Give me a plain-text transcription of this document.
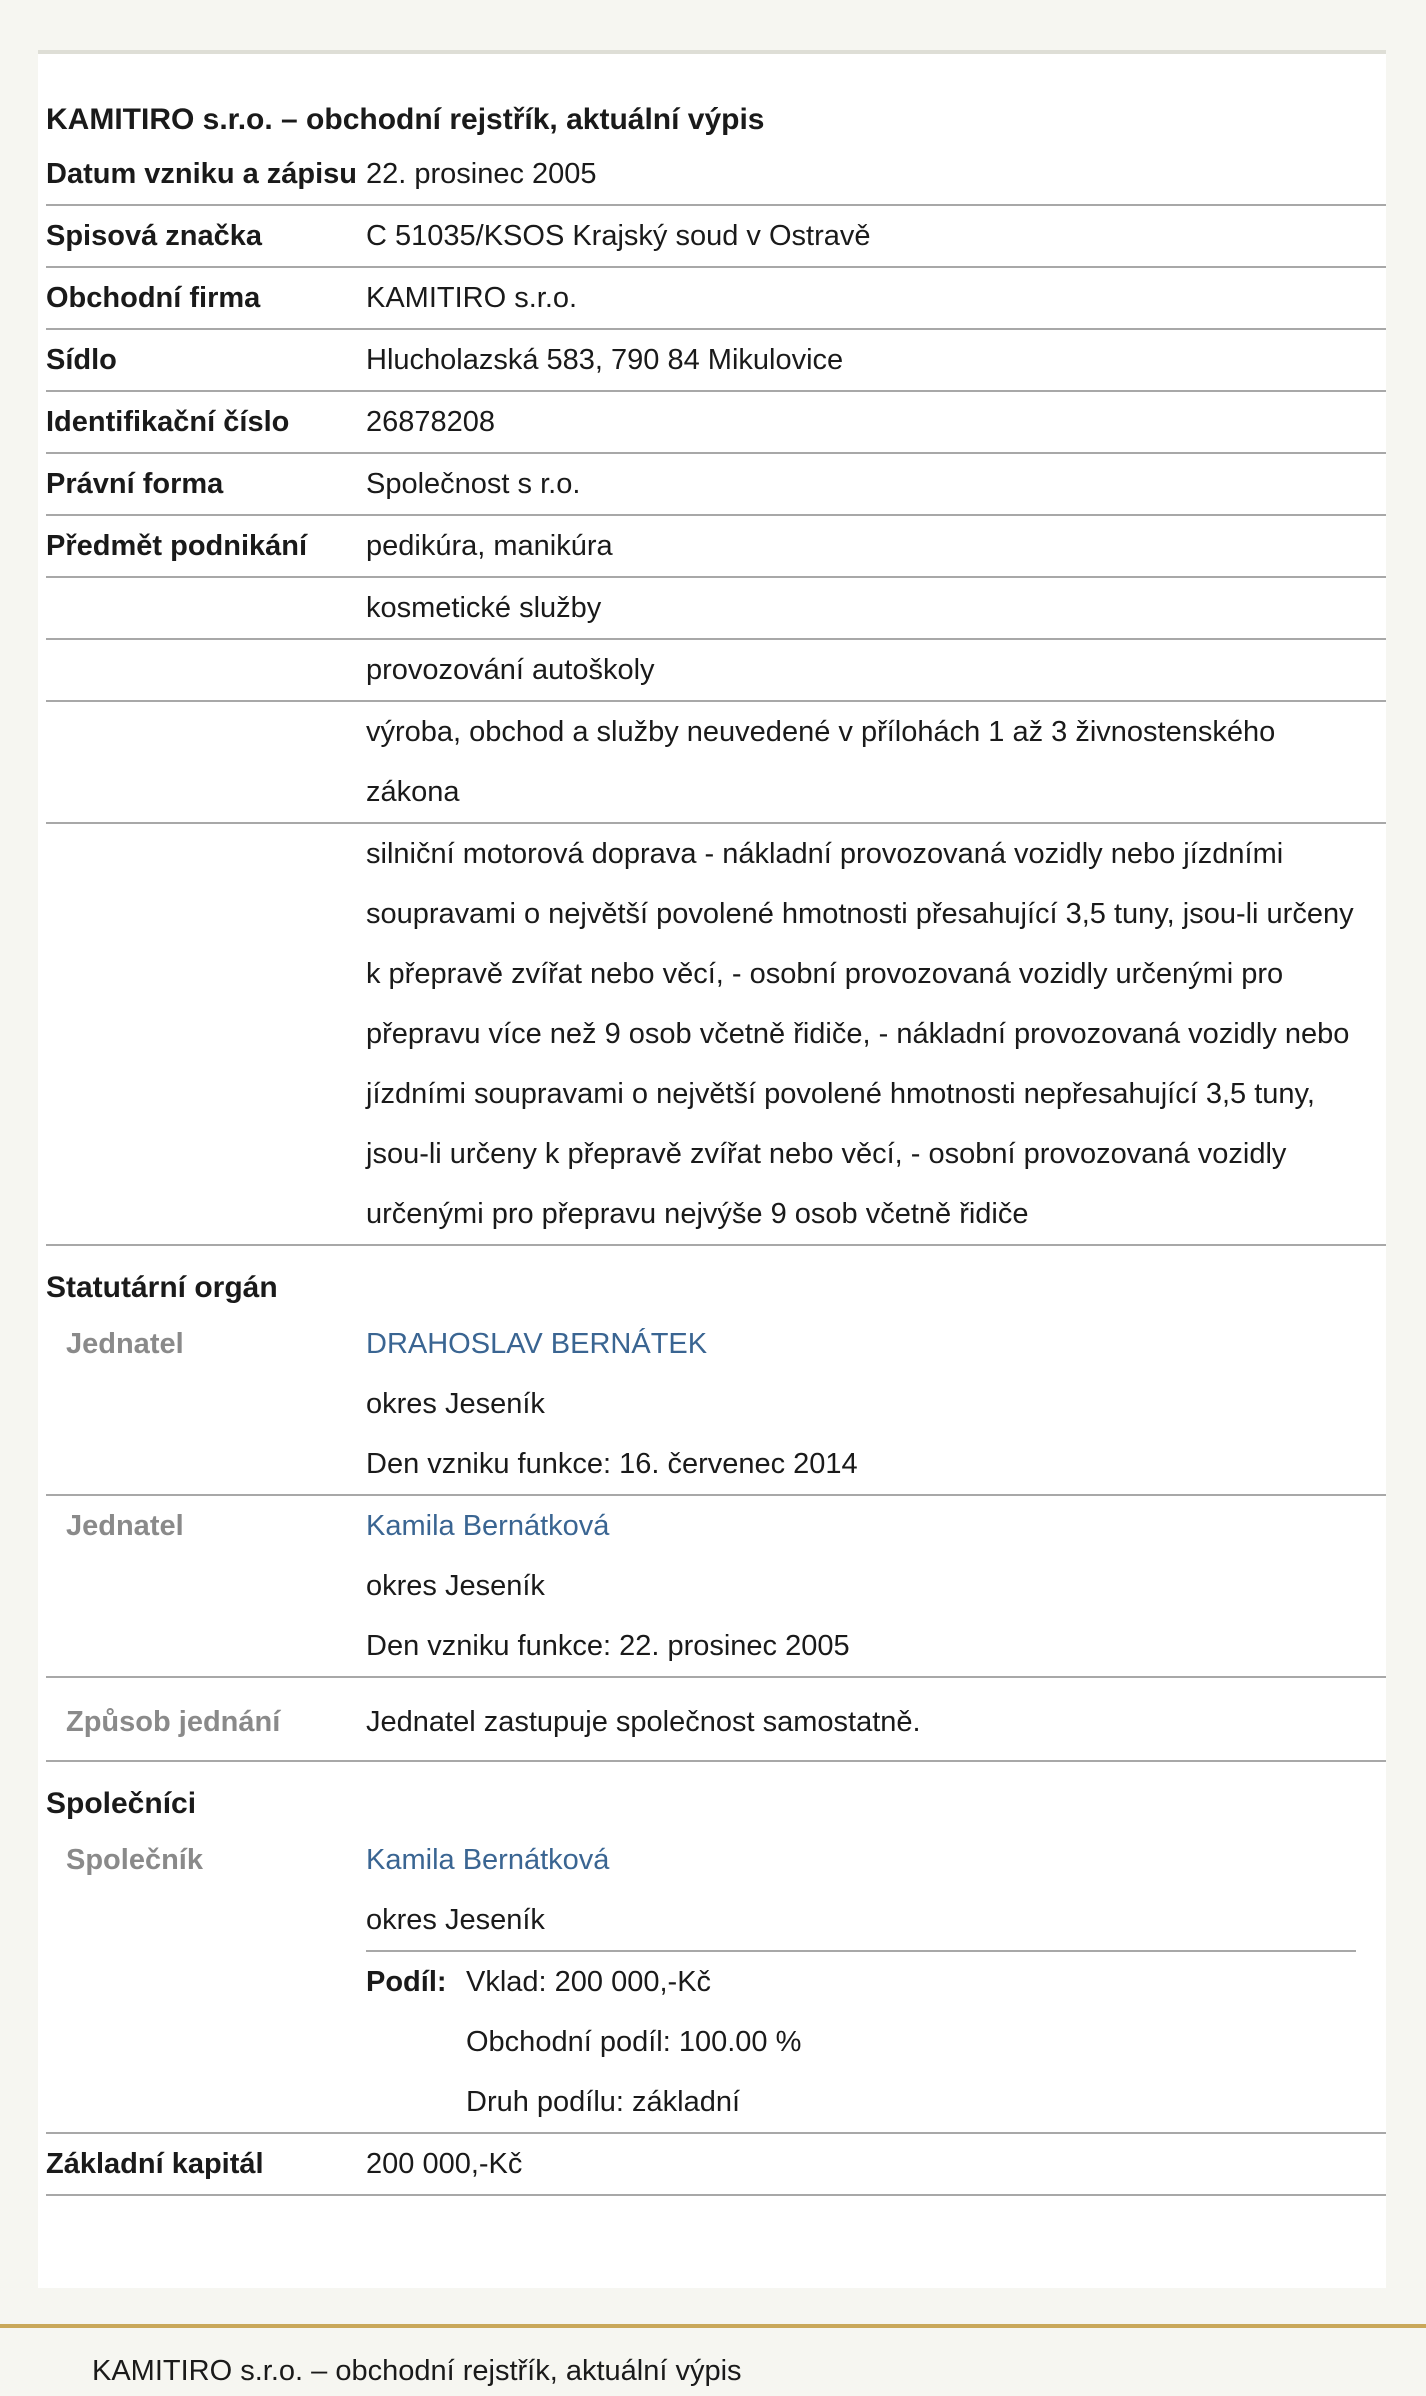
KAMITIRO s.r.o. – obchodní rejstřík, aktuální výpis
Datum vzniku a zápisu 22. prosinec 2005
Spisová značka	C 51035/KSOS Krajský soud v Ostravě
Obchodní firma	KAMITIRO s.r.o.
Sídlo	Hlucholazská 583, 790 84 Mikulovice
Identifikační číslo	26878208
Právní forma	Společnost s r.o.
Předmět podnikání	pedikúra, manikúra
kosmetické služby
provozování autoškoly
výroba, obchod a služby neuvedené v přílohách 1 až 3 živnostenského zákona
silniční motorová doprava - nákladní provozovaná vozidly nebo jízdními soupravami o největší povolené hmotnosti přesahující 3,5 tuny, jsou-li určeny k přepravě zvířat nebo věcí, - osobní provozovaná vozidly určenými pro přepravu více než 9 osob včetně řidiče, - nákladní provozovaná vozidly nebo jízdními soupravami o největší povolené hmotnosti nepřesahující 3,5 tuny, jsou-li určeny k přepravě zvířat nebo věcí, - osobní provozovaná vozidly určenými pro přepravu nejvýše 9 osob včetně řidiče
Statutární orgán
Jednatel	DRAHOSLAV BERNÁTEK

okres Jeseník

Den vzniku funkce: 16. červenec 2014

Jednatel	Kamila Bernátková

okres Jeseník

Den vzniku funkce: 22. prosinec 2005

Způsob jednání	Jednatel zastupuje společnost samostatně.
Společníci
Společník	Kamila Bernátková

okres Jeseník

Podíl: Vklad: 200 000,-Kč

Obchodní podíl: 100.00 %

Druh podílu: základní

Základní kapitál	200 000,-Kč
KAMITIRO s.r.o. – obchodní rejstřík, aktuální výpis
